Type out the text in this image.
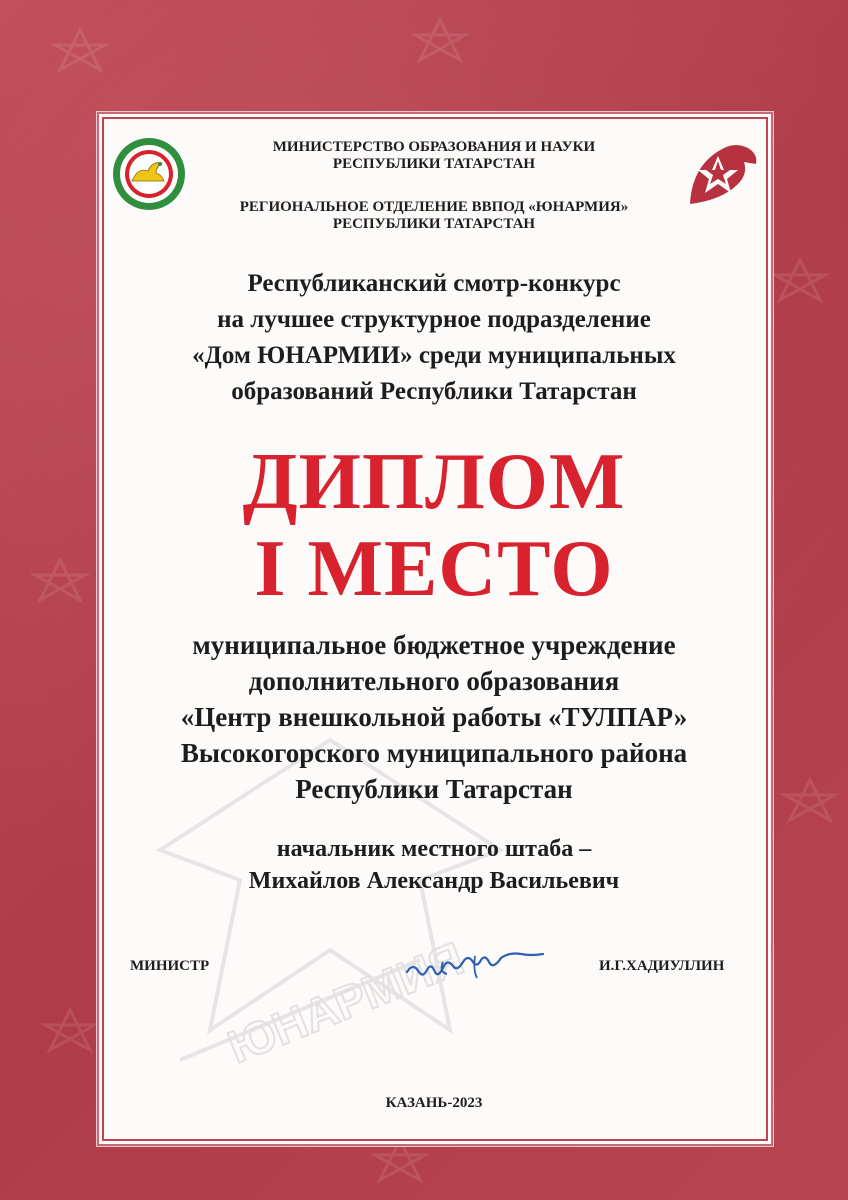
ЮНАРМИЯ

МИНИСТЕРСТВО ОБРАЗОВАНИЯ И НАУКИ

РЕСПУБЛИКИ ТАТАРСТАН

РЕГИОНАЛЬНОЕ ОТДЕЛЕНИЕ ВВПОД «ЮНАРМИЯ»

РЕСПУБЛИКИ ТАТАРСТАН

Республиканский смотр-конкурс

на лучшее структурное подразделение

«Дом ЮНАРМИИ» среди муниципальных

образований Республики Татарстан

ДИПЛОМ

I МЕСТО

муниципальное бюджетное учреждение

дополнительного образования

«Центр внешкольной работы «ТУЛПАР»

Высокогорского муниципального района

Республики Татарстан

начальник местного штаба –

Михайлов Александр Васильевич

МИНИСТР	И.Г.ХАДИУЛЛИН

КАЗАНЬ-2023
